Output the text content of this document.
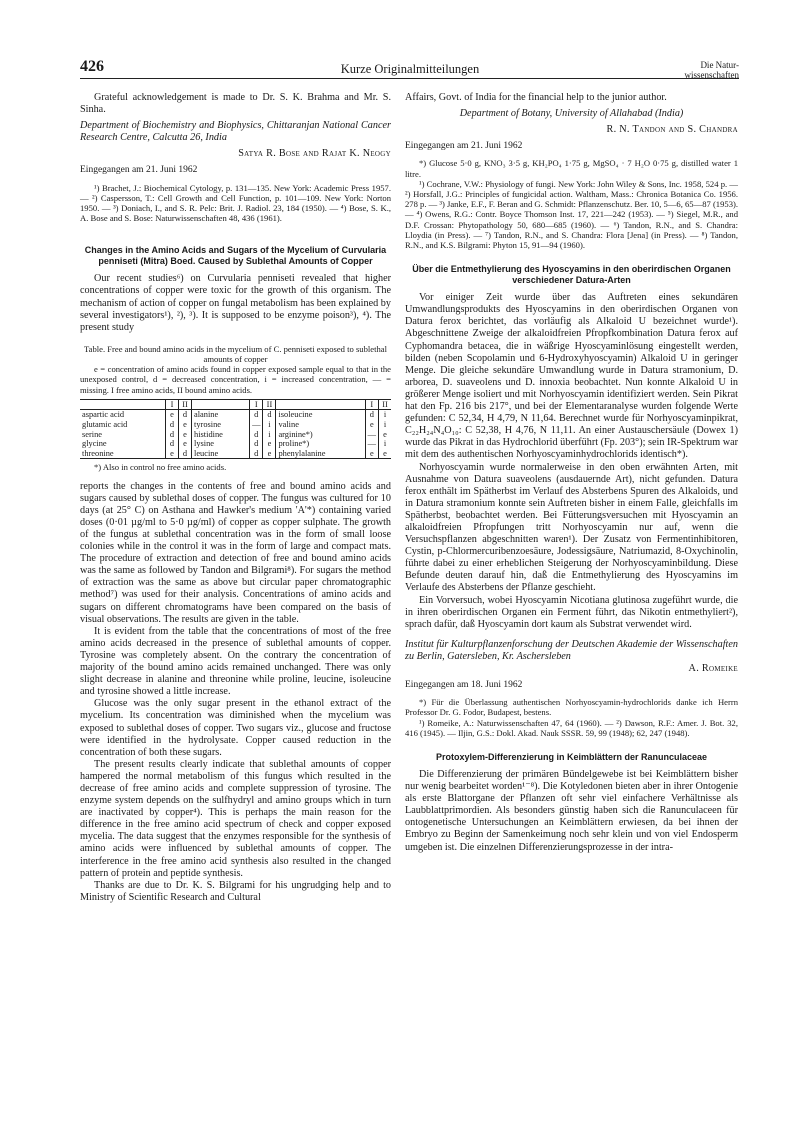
426	Kurze Originalmitteilungen	Die Natur-
wissenschaften

Grateful acknowledgement is made to Dr. S. K. Brahma and Mr. S. Sinha.

Department of Biochemistry and Biophysics, Chittaranjan National Cancer Research Centre, Calcutta 26, India

Satya R. Bose and Rajat K. Neogy

Eingegangen am 21. Juni 1962

¹) Brachet, J.: Biochemical Cytology, p. 131—135. New York: Academic Press 1957. — ²) Caspersson, T.: Cell Growth and Cell Function, p. 101—109. New York: Norton 1950. — ³) Doniach, I., and S. R. Pelc: Brit. J. Radiol. 23, 184 (1950). — ⁴) Bose, S. K., A. Bose and S. Bose: Naturwissenschaften 48, 436 (1961).

Changes in the Amino Acids and Sugars of the Mycelium of Curvularia penniseti (Mitra) Boed. Caused by Sublethal Amounts of Copper

Our recent studies⁶) on Curvularia penniseti revealed that higher concentrations of copper were toxic for the growth of this organism. The mechanism of action of copper on fungal metabolism has been explained by several investigators¹), ²), ³). It is supposed to be enzyme poison³), ⁴). The present study

Table. Free and bound amino acids in the mycelium of C. penniseti exposed to sublethal amounts of copper

e = concentration of amino acids found in copper exposed sample equal to that in the unexposed control, d = decreased concentration, i = increased concentration, — = missing. I free amino acids, II bound amino acids.

	I	II		I	II		I	II
aspartic acid	e	d	alanine	d	d	isoleucine	d	i
glutamic acid	d	e	tyrosine	—	i	valine	e	i
serine	d	e	histidine	d	i	arginine*)	—	e
glycine	d	e	lysine	d	e	proline*)	—	i
threonine	e	d	leucine	d	e	phenylalanine	e	e

*) Also in control no free amino acids.

reports the changes in the contents of free and bound amino acids and sugars caused by sublethal doses of copper. The fungus was cultured for 10 days (at 25° C) on Asthana and Hawker's medium 'A'*) containing varied doses (0·01 µg/ml to 5·0 µg/ml) of copper as copper sulphate. The growth of the fungus at sublethal concentration was in the form of small loose colonies while in the control it was in the form of large and compact mats. The procedure of extraction and detection of free and bound amino acids was the same as followed by Tandon and Bilgrami⁸). For sugars the method of extraction was the same as above but circular paper chromatographic method⁷) was used for their analysis. Concentrations of amino acids and sugars on different chromatograms have been compared on the basis of visual observations. The results are given in the table.

It is evident from the table that the concentrations of most of the free amino acids decreased in the presence of sublethal amounts of copper. Tyrosine was completely absent. On the contrary the concentration of majority of the bound amino acids remained unchanged. There was only slight decrease in alanine and threonine while proline, leucine, isoleucine and tyrosine showed a little increase.

Glucose was the only sugar present in the ethanol extract of the mycelium. Its concentration was diminished when the mycelium was exposed to sublethal doses of copper. Two sugars viz., glucose and fructose were identified in the hydrolysate. Copper caused reduction in the concentration of both these sugars.

The present results clearly indicate that sublethal amounts of copper hampered the normal metabolism of this fungus which resulted in the decrease of free amino acids and complete suppression of tyrosine. The enzyme system depends on the sulfhydryl and amino groups which in turn are inactivated by copper⁴). This is perhaps the main reason for the difference in the free amino acid spectrum of check and copper exposed mycelia. The data suggest that the enzymes responsible for the synthesis of amino acids were influenced by sublethal amounts of copper. The interference in the free amino acid synthesis also resulted in the changed pattern of protein and peptide synthesis.

Thanks are due to Dr. K. S. Bilgrami for his ungrudging help and to Ministry of Scientific Research and Cultural

Affairs, Govt. of India for the financial help to the junior author.

Department of Botany, University of Allahabad (India)

R. N. Tandon and S. Chandra

Eingegangen am 21. Juni 1962

*) Glucose 5·0 g, KNO₃ 3·5 g, KH₂PO₄ 1·75 g, MgSO₄ · 7 H₂O 0·75 g, distilled water 1 litre.

¹) Cochrane, V.W.: Physiology of fungi. New York: John Wiley & Sons, Inc. 1958, 524 p. — ²) Horsfall, J.G.: Principles of fungicidal action. Waltham, Mass.: Chronica Botanica Co. 1956. 278 p. — ³) Janke, E.F., F. Beran and G. Schmidt: Pflanzenschutz. Ber. 10, 5—6, 65—87 (1953). — ⁴) Owens, R.G.: Contr. Boyce Thomson Inst. 17, 221—242 (1953). — ⁵) Siegel, M.R., and D.F. Crossan: Phytopathology 50, 680—685 (1960). — ⁶) Tandon, R.N., and S. Chandra: Lloydia (in Press). — ⁷) Tandon, R.N., and S. Chandra: Flora [Jena] (in Press). — ⁸) Tandon, R.N., and K.S. Bilgrami: Phyton 15, 91—94 (1960).

Über die Entmethylierung des Hyoscyamins in den oberirdischen Organen verschiedener Datura-Arten

Vor einiger Zeit wurde über das Auftreten eines sekundären Umwandlungsprodukts des Hyoscyamins in den oberirdischen Organen von Datura ferox berichtet, das vorläufig als Alkaloid U bezeichnet wurde¹). Abgeschnittene Zweige der alkaloidfreien Pfropfkombination Datura ferox auf Cyphomandra betacea, die in wäßrige Hyoscyaminlösung eingestellt werden, bilden (neben Scopolamin und 6-Hydroxyhyoscyamin) Alkaloid U in geringer Menge. Die gleiche sekundäre Umwandlung wurde in Datura stramonium, D. arborea, D. suaveolens und D. innoxia beobachtet. Nun konnte Alkaloid U in größerer Menge isoliert und mit Norhyoscyamin identifiziert werden. Sein Pikrat hat den Fp. 216 bis 217°, und bei der Elementaranalyse wurden folgende Werte gefunden: C 52,34, H 4,79, N 11,64. Berechnet wurde für Norhyoscyaminpikrat, C₂₂H₂₄N₄O₁₀: C 52,38, H 4,76, N 11,11. An einer Austauschersäule (Dowex 1) wurde das Pikrat in das Hydrochlorid überführt (Fp. 203°); sein IR-Spektrum war mit dem des authentischen Norhyoscyaminhydrochlorids identisch*).

Norhyoscyamin wurde normalerweise in den oben erwähnten Arten, mit Ausnahme von Datura suaveolens (ausdauernde Art), nicht gefunden. Datura ferox enthält im Spätherbst im Verlauf des Absterbens Spuren des Alkaloids, und in Datura stramonium konnte sein Auftreten bisher in einem Falle, gleichfalls im Spätherbst, beobachtet werden. Bei Fütterungsversuchen mit Hyoscyamin an alkaloidfreien Pfropfungen tritt Norhyoscyamin nur auf, wenn die Versuchspflanzen abgeschnitten waren¹). Der Zusatz von Fermentinhibitoren, Cystin, p-Chlormercuribenzoesäure, Jodessigsäure, Natriumazid, 8-Oxychinolin, führte dabei zu einer erheblichen Steigerung der Norhyoscyaminbildung. Diese Befunde deuten darauf hin, daß die Entmethylierung des Hyoscyamins im Verlaufe des Absterbens der Pflanze geschieht.

Ein Vorversuch, wobei Hyoscyamin Nicotiana glutinosa zugeführt wurde, die in ihren oberirdischen Organen ein Ferment führt, das Nikotin entmethyliert²), sprach dafür, daß Hyoscyamin dort kaum als Substrat verwendet wird.

Institut für Kulturpflanzenforschung der Deutschen Akademie der Wissenschaften zu Berlin, Gatersleben, Kr. Aschersleben

A. Romeike

Eingegangen am 18. Juni 1962

*) Für die Überlassung authentischen Norhyoscyamin-hydrochlorids danke ich Herrn Professor Dr. G. Fodor, Budapest, bestens.

¹) Romeike, A.: Naturwissenschaften 47, 64 (1960). — ²) Dawson, R.F.: Amer. J. Bot. 32, 416 (1945). — Iljin, G.S.: Dokl. Akad. Nauk SSSR. 59, 99 (1948); 62, 247 (1948).

Protoxylem-Differenzierung in Keimblättern der Ranunculaceae

Die Differenzierung der primären Bündelgewebe ist bei Keimblättern bisher nur wenig bearbeitet worden¹⁻⁸). Die Kotyledonen bieten aber in ihrer Ontogenie als erste Blattorgane der Pflanzen oft sehr viel einfachere Verhältnisse als Laubblattprimordien. Als besonders günstig haben sich die Ranunculaceen für ontogenetische Untersuchungen an Keimblättern erwiesen, da bei ihnen der Embryo zu Beginn der Samenkeimung noch sehr klein und von viel Endosperm umgeben ist. Die einzelnen Differenzierungsprozesse in der intra-
